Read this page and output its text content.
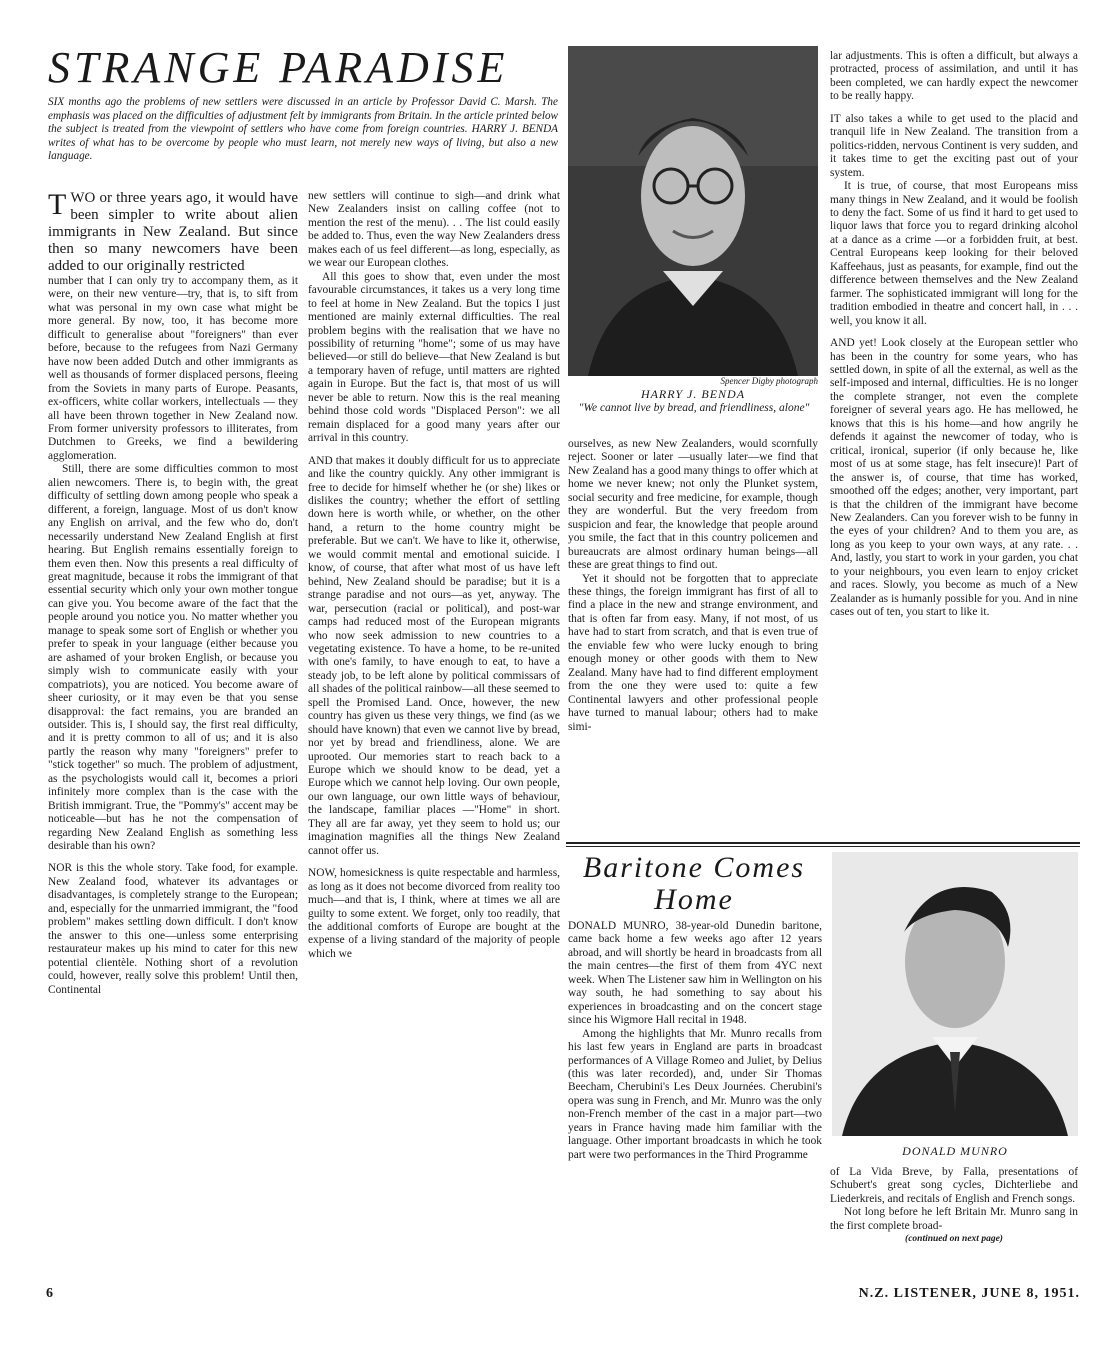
STRANGE PARADISE
SIX months ago the problems of new settlers were discussed in an article by Professor David C. Marsh. The emphasis was placed on the difficulties of adjustment felt by immigrants from Britain. In the article printed below the subject is treated from the viewpoint of settlers who have come from foreign countries. HARRY J. BENDA writes of what has to be overcome by people who must learn, not merely new ways of living, but also a new language.

TWO or three years ago, it would have been simpler to write about alien immigrants in New Zealand. But since then so many newcomers have been added to our originally restricted

number that I can only try to accompany them, as it were, on their new venture—try, that is, to sift from what was personal in my own case what might be more general. By now, too, it has become more difficult to generalise about "foreigners" than ever before, because to the refugees from Nazi Germany have now been added Dutch and other immigrants as well as thousands of former displaced persons, fleeing from the Soviets in many parts of Europe. Peasants, ex-officers, white collar workers, intellectuals — they all have been thrown together in New Zealand now. From former university professors to illiterates, from Dutchmen to Greeks, we find a bewildering agglomeration.

Still, there are some difficulties common to most alien newcomers. There is, to begin with, the great difficulty of settling down among people who speak a different, a foreign, language. Most of us don't know any English on arrival, and the few who do, don't necessarily understand New Zealand English at first hearing. But English remains essentially foreign to them even then. Now this presents a real difficulty of great magnitude, because it robs the immigrant of that essential security which only your own mother tongue can give you. You become aware of the fact that the people around you notice you. No matter whether you manage to speak some sort of English or whether you prefer to speak in your language (either because you are ashamed of your broken English, or because you simply wish to communicate easily with your compatriots), you are noticed. You become aware of sheer curiosity, or it may even be that you sense disapproval: the fact remains, you are branded an outsider. This is, I should say, the first real difficulty, and it is pretty common to all of us; and it is also partly the reason why many "foreigners" prefer to "stick together" so much. The problem of adjustment, as the psychologists would call it, becomes a priori infinitely more complex than is the case with the British immigrant. True, the "Pommy's" accent may be noticeable—but has he not the compensation of regarding New Zealand English as something less desirable than his own?

NOR is this the whole story. Take food, for example. New Zealand food, whatever its advantages or disadvantages, is completely strange to the European; and, especially for the unmarried immigrant, the "food problem" makes settling down difficult. I don't know the answer to this one—unless some enterprising restaurateur makes up his mind to cater for this new potential clientèle. Nothing short of a revolution could, however, really solve this problem! Until then, Continental

new settlers will continue to sigh—and drink what New Zealanders insist on calling coffee (not to mention the rest of the menu). . . The list could easily be added to. Thus, even the way New Zealanders dress makes each of us feel different—as long, especially, as we wear our European clothes.

All this goes to show that, even under the most favourable circumstances, it takes us a very long time to feel at home in New Zealand. But the topics I just mentioned are mainly external difficulties. The real problem begins with the realisation that we have no possibility of returning "home"; some of us may have believed—or still do believe—that New Zealand is but a temporary haven of refuge, until matters are righted again in Europe. But the fact is, that most of us will never be able to return. Now this is the real meaning behind those cold words "Displaced Person": we all remain displaced for a good many years after our arrival in this country.

AND that makes it doubly difficult for us to appreciate and like the country quickly. Any other immigrant is free to decide for himself whether he (or she) likes or dislikes the country; whether the effort of settling down here is worth while, or whether, on the other hand, a return to the home country might be preferable. But we can't. We have to like it, otherwise, we would commit mental and emotional suicide. I know, of course, that after what most of us have left behind, New Zealand should be paradise; but it is a strange paradise and not ours—as yet, anyway. The war, persecution (racial or political), and post-war camps had reduced most of the European migrants who now seek admission to new countries to a vegetating existence. To have a home, to be re-united with one's family, to have enough to eat, to have a steady job, to be left alone by political commissars of all shades of the political rainbow—all these seemed to spell the Promised Land. Once, however, the new country has given us these very things, we find (as we should have known) that even we cannot live by bread, nor yet by bread and friendliness, alone. We are uprooted. Our memories start to reach back to a Europe which we should know to be dead, yet a Europe which we cannot help loving. Our own people, our own language, our own little ways of behaviour, the landscape, familiar places —"Home" in short. They all are far away, yet they seem to hold us; our imagination magnifies all the things New Zealand cannot offer us.

NOW, homesickness is quite respectable and harmless, as long as it does not become divorced from reality too much—and that is, I think, where at times we all are guilty to some extent. We forget, only too readily, that the additional comforts of Europe are bought at the expense of a living standard of the majority of people which we

Spencer Digby photograph
HARRY J. BENDA
"We cannot live by bread, and friendliness, alone"

ourselves, as new New Zealanders, would scornfully reject. Sooner or later —usually later—we find that New Zealand has a good many things to offer which at home we never knew; not only the Plunket system, social security and free medicine, for example, though they are wonderful. But the very freedom from suspicion and fear, the knowledge that people around you smile, the fact that in this country policemen and bureaucrats are almost ordinary human beings—all these are great things to find out.

Yet it should not be forgotten that to appreciate these things, the foreign immigrant has first of all to find a place in the new and strange environment, and that is often far from easy. Many, if not most, of us have had to start from scratch, and that is even true of the enviable few who were lucky enough to bring enough money or other goods with them to New Zealand. Many have had to find different employment from the one they were used to: quite a few Continental lawyers and other professional people have turned to manual labour; others had to make simi-

lar adjustments. This is often a difficult, but always a protracted, process of assimilation, and until it has been completed, we can hardly expect the newcomer to be really happy.

IT also takes a while to get used to the placid and tranquil life in New Zealand. The transition from a politics-ridden, nervous Continent is very sudden, and it takes time to get the exciting past out of your system.

It is true, of course, that most Europeans miss many things in New Zealand, and it would be foolish to deny the fact. Some of us find it hard to get used to liquor laws that force you to regard drinking alcohol at a dance as a crime —or a forbidden fruit, at best. Central Europeans keep looking for their beloved Kaffeehaus, just as peasants, for example, find out the difference between themselves and the New Zealand farmer. The sophisticated immigrant will long for the tradition embodied in theatre and concert hall, in . . . well, you know it all.

AND yet! Look closely at the European settler who has been in the country for some years, who has settled down, in spite of all the external, as well as the self-imposed and internal, difficulties. He is no longer the complete stranger, not even the complete foreigner of several years ago. He has mellowed, he knows that this is his home—and how angrily he defends it against the newcomer of today, who is critical, ironical, superior (if only because he, like most of us at some stage, has felt insecure)! Part of the answer is, of course, that time has worked, smoothed off the edges; another, very important, part is that the children of the immigrant have become New Zealanders. Can you forever wish to be funny in the eyes of your children? And to them you are, as long as you keep to your own ways, at any rate. . . And, lastly, you start to work in your garden, you chat to your neighbours, you even learn to enjoy cricket and races. Slowly, you become as much of a New Zealander as is humanly possible for you. And in nine cases out of ten, you start to like it.

Baritone Comes
Home

DONALD MUNRO, 38-year-old Dunedin baritone, came back home a few weeks ago after 12 years abroad, and will shortly be heard in broadcasts from all the main centres—the first of them from 4YC next week. When The Listener saw him in Wellington on his way south, he had something to say about his experiences in broadcasting and on the concert stage since his Wigmore Hall recital in 1948.

Among the highlights that Mr. Munro recalls from his last few years in England are parts in broadcast performances of A Village Romeo and Juliet, by Delius (this was later recorded), and, under Sir Thomas Beecham, Cherubini's Les Deux Journées. Cherubini's opera was sung in French, and Mr. Munro was the only non-French member of the cast in a major part—two years in France having made him familiar with the language. Other important broadcasts in which he took part were two performances in the Third Programme	DONALD MUNRO

of La Vida Breve, by Falla, presentations of Schubert's great song cycles, Dichterliebe and Liederkreis, and recitals of English and French songs.

Not long before he left Britain Mr. Munro sang in the first complete broad-

(continued on next page)

6	N.Z. LISTENER, JUNE 8, 1951.
